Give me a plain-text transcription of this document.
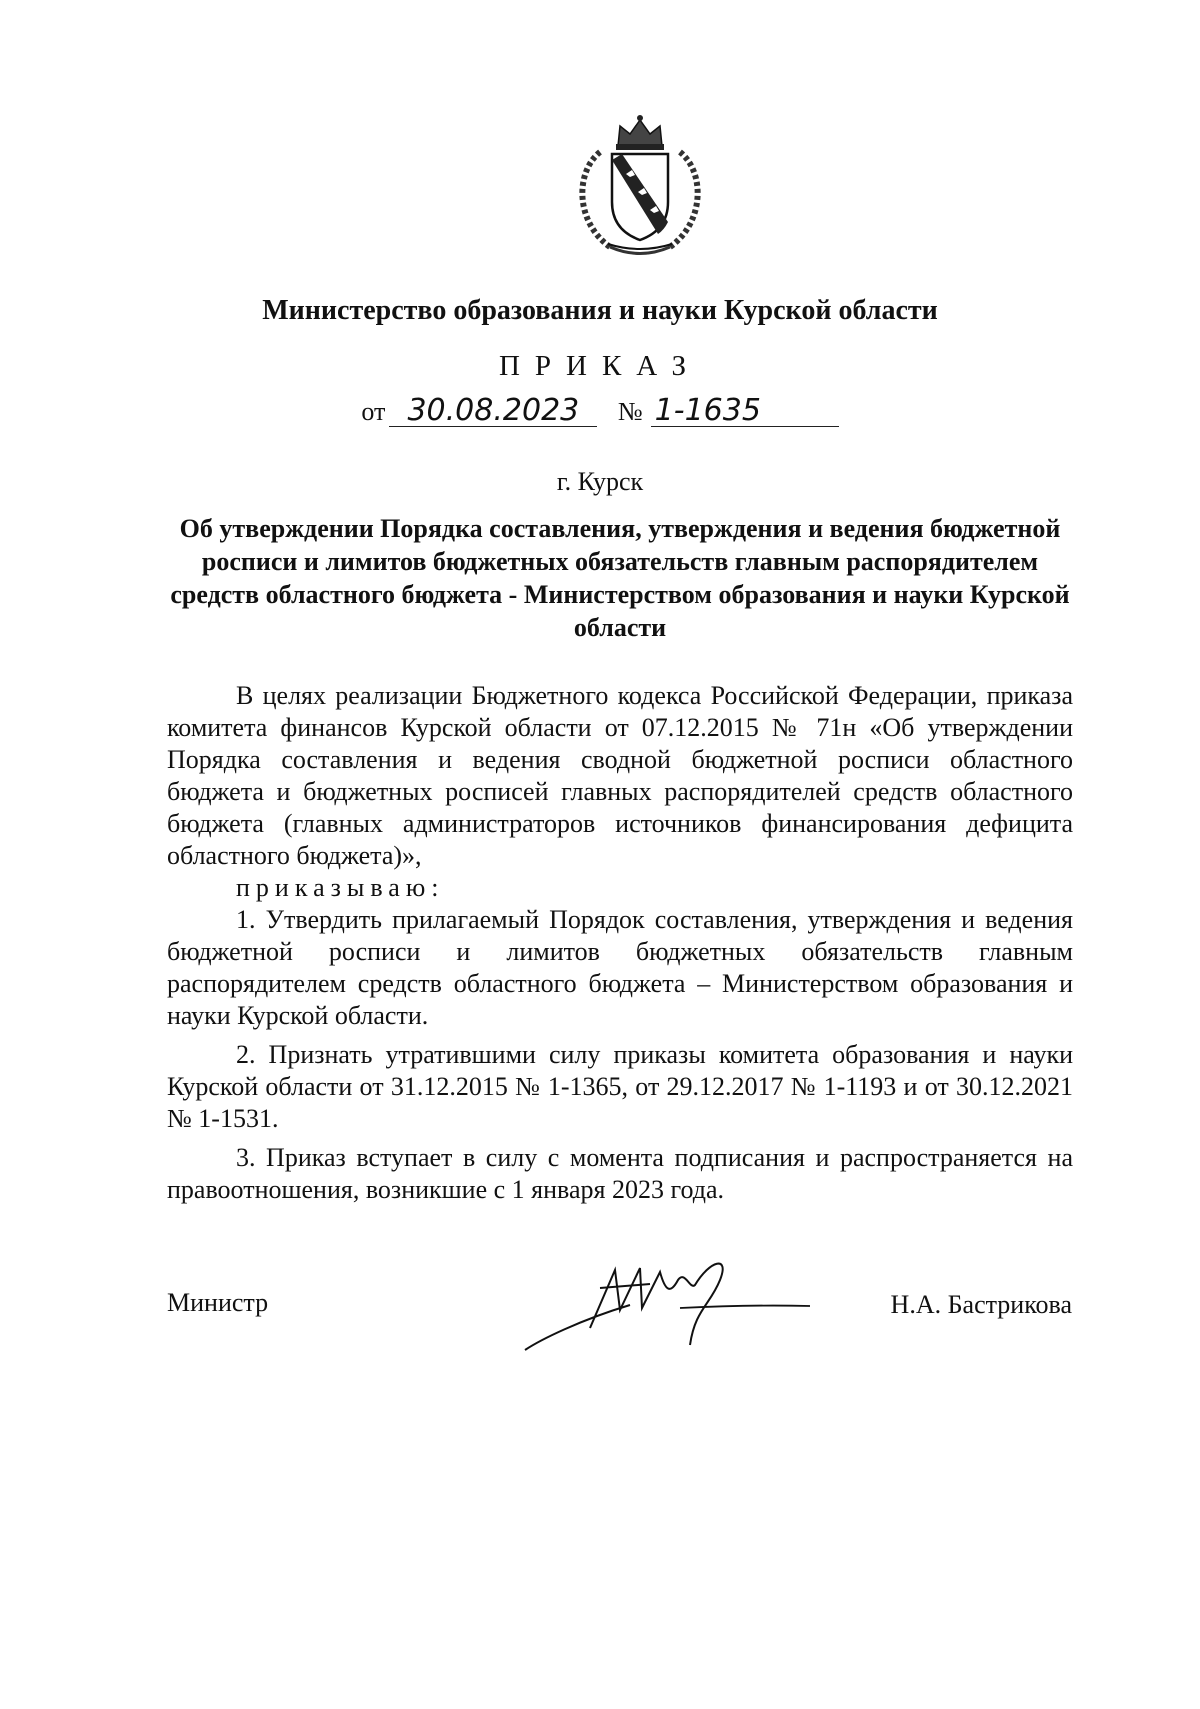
Министерство образования и науки Курской области
ПРИКАЗ
от 30.08.2023 № 1-1635
г. Курск
Об утверждении Порядка составления, утверждения и ведения бюджетной росписи и лимитов бюджетных обязательств главным распорядителем средств областного бюджета - Министерством образования и науки Курской области

В целях реализации Бюджетного кодекса Российской Федерации, приказа комитета финансов Курской области от 07.12.2015 № 71н «Об утверждении Порядка составления и ведения сводной бюджетной росписи областного бюджета и бюджетных росписей главных распорядителей средств областного бюджета (главных администраторов источников финансирования дефицита областного бюджета)»,

приказываю:

1. Утвердить прилагаемый Порядок составления, утверждения и ведения бюджетной росписи и лимитов бюджетных обязательств главным распорядителем средств областного бюджета – Министерством образования и науки Курской области.

2. Признать утратившими силу приказы комитета образования и науки Курской области от 31.12.2015 № 1-1365, от 29.12.2017 № 1-1193 и от 30.12.2021 № 1-1531.

3. Приказ вступает в силу с момента подписания и распространяется на правоотношения, возникшие с 1 января 2023 года.

Министр	Н.А. Бастрикова
